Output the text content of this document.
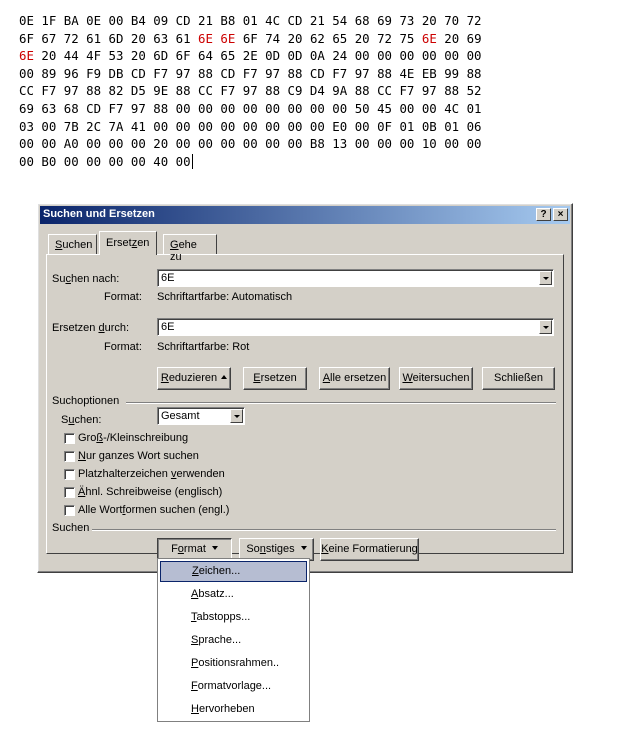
0E 1F BA 0E 00 B4 09 CD 21 B8 01 4C CD 21 54 68 69 73 20 70 72
6F 67 72 61 6D 20 63 61 6E 6E 6F 74 20 62 65 20 72 75 6E 20 69
6E 20 44 4F 53 20 6D 6F 64 65 2E 0D 0D 0A 24 00 00 00 00 00 00
00 89 96 F9 DB CD F7 97 88 CD F7 97 88 CD F7 97 88 4E EB 99 88
CC F7 97 88 82 D5 9E 88 CC F7 97 88 C9 D4 9A 88 CC F7 97 88 52
69 63 68 CD F7 97 88 00 00 00 00 00 00 00 00 50 45 00 00 4C 01
03 00 7B 2C 7A 41 00 00 00 00 00 00 00 00 E0 00 0F 01 0B 01 06
00 00 A0 00 00 00 20 00 00 00 00 00 00 B8 13 00 00 00 10 00 00
00 B0 00 00 00 00 40 00
Suchen und Ersetzen	?	×
Suchen	Ersetzen	Gehe zu
Suchen nach:	6E
Format: Schriftartfarbe: Automatisch
Ersetzen durch:	6E
Format: Schriftartfarbe: Rot
Reduzieren	Ersetzen	Alle ersetzen	Weitersuchen	Schließen
Suchoptionen
Suchen:	Gesamt
Groß-/Kleinschreibung
Nur ganzes Wort suchen
Platzhalterzeichen verwenden
Ähnl. Schreibweise (englisch)
Alle Wortformen suchen (engl.)
Suchen
Format	Sonstiges	Keine Formatierung
Zeichen...
Absatz...
Tabstopps...
Sprache...
Positionsrahmen..
Formatvorlage...
Hervorheben
